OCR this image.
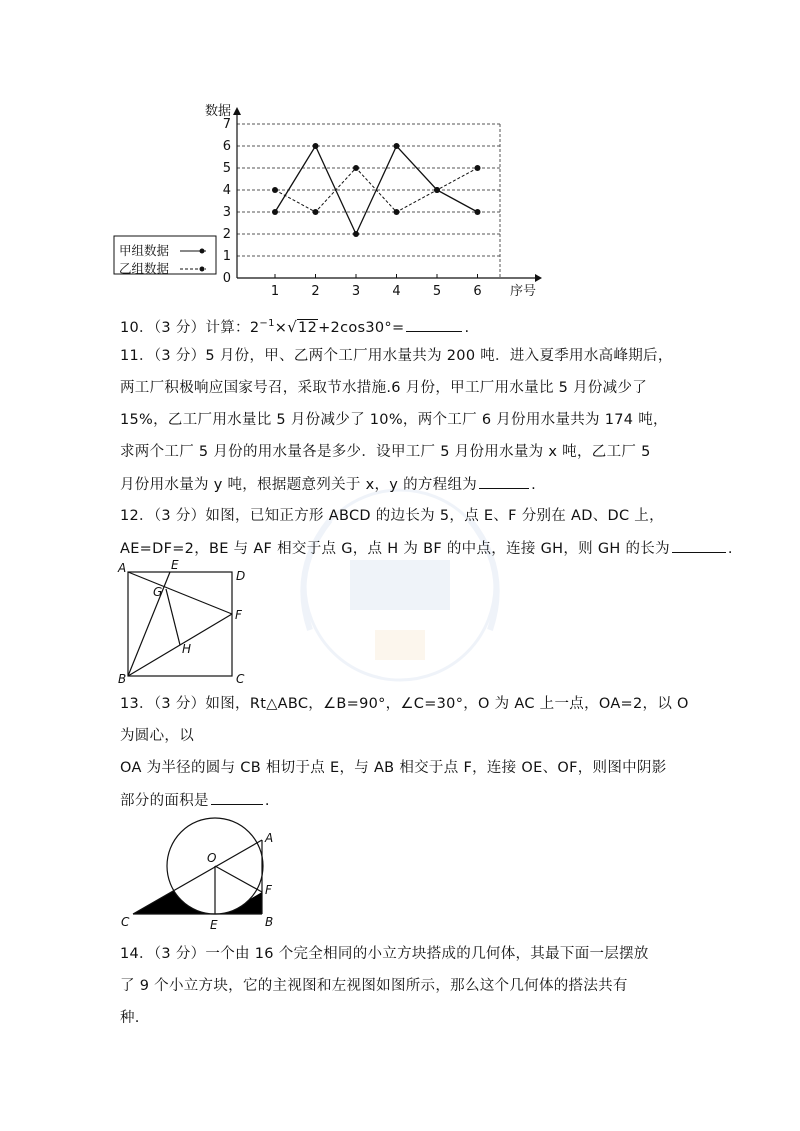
0
1
2
3
4
5
6
7
1 2 3 4 5 6
数据
序号
甲组数据
乙组数据
10．（3 分）计算：$2^{-1}\times√12+2\cos 30^\circ=$	.
11．（3 分）5 月份，甲、乙两个工厂用水量共为 200 吨．进入夏季用水高峰期后，
两工厂积极响应国家号召，采取节水措施.6 月份，甲工厂用水量比 5 月份减少了
15%，乙工厂用水量比 5 月份减少了 10%，两个工厂 6 月份用水量共为 174 吨，
求两个工厂 5 月份的用水量各是多少．设甲工厂 5 月份用水量为 x 吨，乙工厂 5
月份用水量为 y 吨，根据题意列关于 x，y 的方程组为	.
12．（3 分）如图，已知正方形 ABCD 的边长为 5，点 E、F 分别在 AD、DC 上，
AE=DF=2，BE 与 AF 相交于点 G，点 H 为 BF 的中点，连接 GH，则 GH 的长为	.
A
B	C
D
E
F
G
H
13．（3 分）如图，Rt△ABC，∠B=90°，∠C=30°，O 为 AC 上一点，OA=2，以 O
为圆心，以
OA 为半径的圆与 CB 相切于点 E，与 AB 相交于点 F，连接 OE、OF，则图中阴影
部分的面积是	.
A
B
C
O
E
F
14．（3 分）一个由 16 个完全相同的小立方块搭成的几何体，其最下面一层摆放
了 9 个小立方块，它的主视图和左视图如图所示，那么这个几何体的搭法共有
种.
